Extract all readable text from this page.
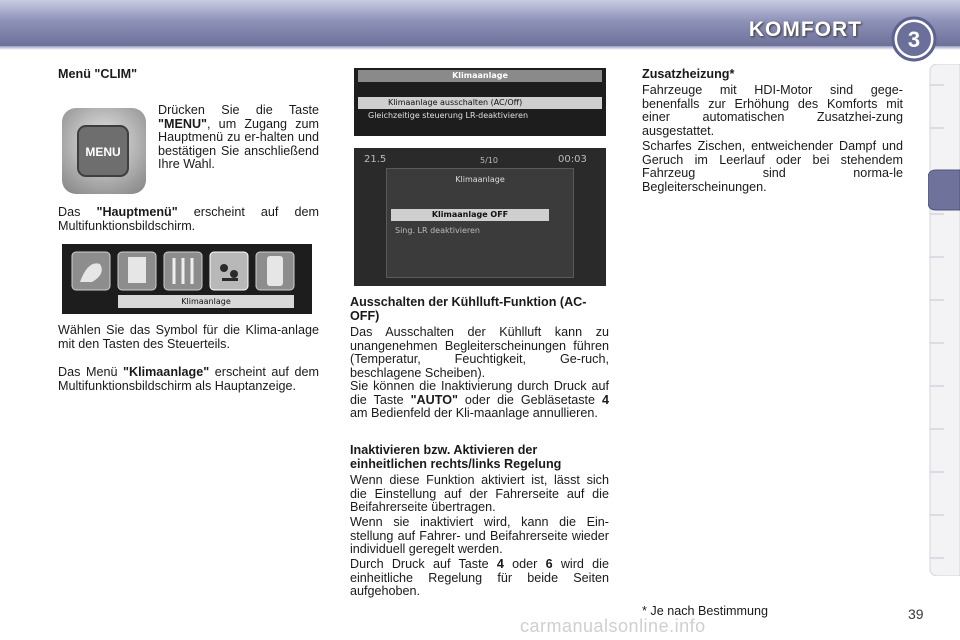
KOMFORT 3
Menü "CLIM"
MENU
Drücken Sie die Taste "MENU", um Zugang zum Hauptmenü zu er-halten und bestätigen Sie anschließend Ihre Wahl.
Das "Hauptmenü" erscheint auf dem Multifunktionsbildschirm.
Klimaanlage
Wählen Sie das Symbol für die Klima-anlage mit den Tasten des Steuerteils.
Das Menü "Klimaanlage" erscheint auf dem Multifunktionsbildschirm als Hauptanzeige.
Klimaanlage
Klimaanlage ausschalten (AC/Off)
Gleichzeitige steuerung LR-deaktivieren
21.5	5/10	00:03
Klimaanlage
Klimaanlage OFF
Sing. LR deaktivieren
Ausschalten der Kühlluft-Funktion (AC-OFF)
Das Ausschalten der Kühlluft kann zu unangenehmen Begleiterscheinungen führen (Temperatur, Feuchtigkeit, Ge-ruch, beschlagene Scheiben).
Sie können die Inaktivierung durch Druck auf die Taste "AUTO" oder die Gebläsetaste 4 am Bedienfeld der Kli-maanlage annullieren.
Inaktivieren bzw. Aktivieren der einheitlichen rechts/links Regelung
Wenn diese Funktion aktiviert ist, lässt sich die Einstellung auf der Fahrerseite auf die Beifahrerseite übertragen.
Wenn sie inaktiviert wird, kann die Ein-stellung auf Fahrer- und Beifahrerseite wieder individuell geregelt werden.
Durch Druck auf Taste 4 oder 6 wird die einheitliche Regelung für beide Seiten aufgehoben.
Zusatzheizung*
Fahrzeuge mit HDI-Motor sind gege-benenfalls zur Erhöhung des Komforts mit einer automatischen Zusatzhei-zung ausgestattet.
Scharfes Zischen, entweichender Dampf und Geruch im Leerlauf oder bei stehendem Fahrzeug sind norma-le Begleiterscheinungen.
carmanualsonline.info
* Je nach Bestimmung	39
